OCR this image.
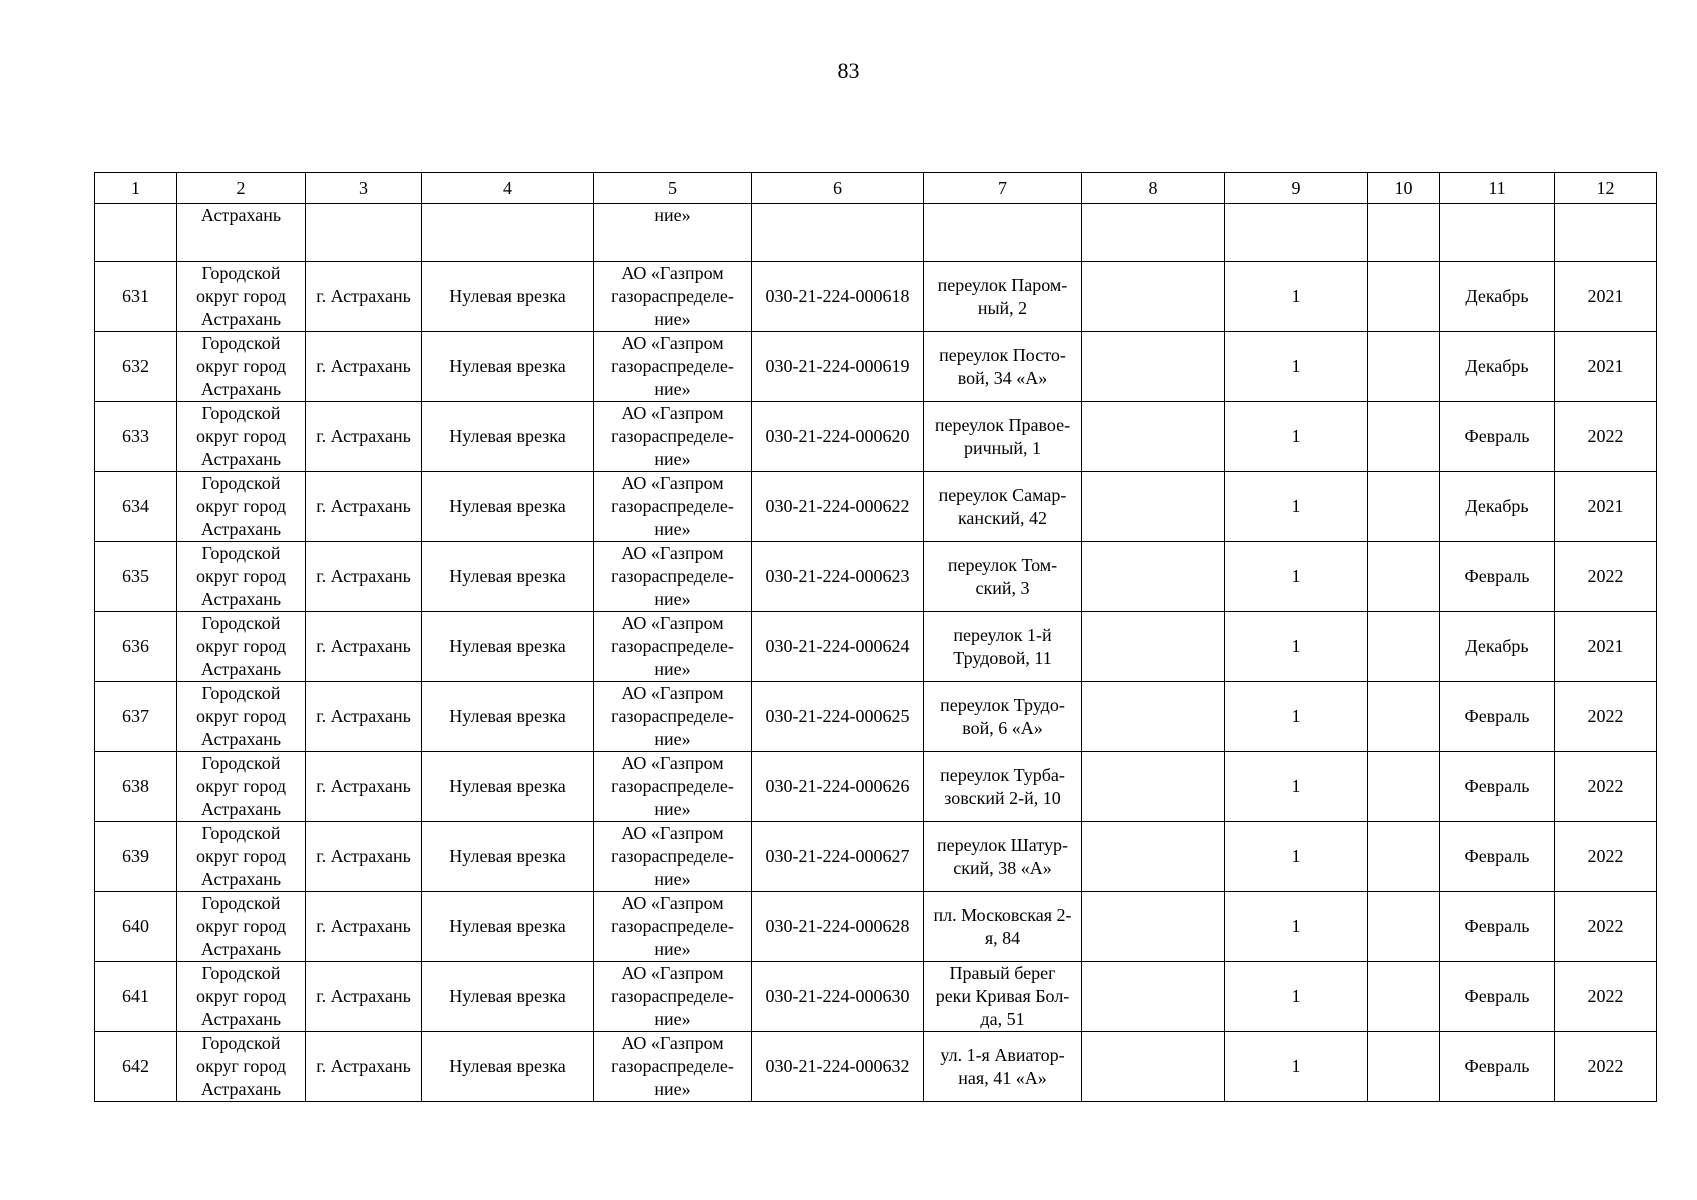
83
1	2	3	4	5	6	7	8	9	10	11	12
	Астрахань			ние»							
631	Городской
округ город
Астрахань	г. Астрахань	Нулевая врезка	АО «Газпром
газораспределе-
ние»	030-21-224-000618	переулок Паром-
ный, 2		1		Декабрь	2021
632	Городской
округ город
Астрахань	г. Астрахань	Нулевая врезка	АО «Газпром
газораспределе-
ние»	030-21-224-000619	переулок Посто-
вой, 34 «А»		1		Декабрь	2021
633	Городской
округ город
Астрахань	г. Астрахань	Нулевая врезка	АО «Газпром
газораспределе-
ние»	030-21-224-000620	переулок Правое-
ричный, 1		1		Февраль	2022
634	Городской
округ город
Астрахань	г. Астрахань	Нулевая врезка	АО «Газпром
газораспределе-
ние»	030-21-224-000622	переулок Самар-
канский, 42		1		Декабрь	2021
635	Городской
округ город
Астрахань	г. Астрахань	Нулевая врезка	АО «Газпром
газораспределе-
ние»	030-21-224-000623	переулок Том-
ский, 3		1		Февраль	2022
636	Городской
округ город
Астрахань	г. Астрахань	Нулевая врезка	АО «Газпром
газораспределе-
ние»	030-21-224-000624	переулок 1-й
Трудовой, 11		1		Декабрь	2021
637	Городской
округ город
Астрахань	г. Астрахань	Нулевая врезка	АО «Газпром
газораспределе-
ние»	030-21-224-000625	переулок Трудо-
вой, 6 «А»		1		Февраль	2022
638	Городской
округ город
Астрахань	г. Астрахань	Нулевая врезка	АО «Газпром
газораспределе-
ние»	030-21-224-000626	переулок Турба-
зовский 2-й, 10		1		Февраль	2022
639	Городской
округ город
Астрахань	г. Астрахань	Нулевая врезка	АО «Газпром
газораспределе-
ние»	030-21-224-000627	переулок Шатур-
ский, 38 «А»		1		Февраль	2022
640	Городской
округ город
Астрахань	г. Астрахань	Нулевая врезка	АО «Газпром
газораспределе-
ние»	030-21-224-000628	пл. Московская 2-
я, 84		1		Февраль	2022
641	Городской
округ город
Астрахань	г. Астрахань	Нулевая врезка	АО «Газпром
газораспределе-
ние»	030-21-224-000630	Правый берег
реки Кривая Бол-
да, 51		1		Февраль	2022
642	Городской
округ город
Астрахань	г. Астрахань	Нулевая врезка	АО «Газпром
газораспределе-
ние»	030-21-224-000632	ул. 1-я Авиатор-
ная, 41 «А»		1		Февраль	2022
